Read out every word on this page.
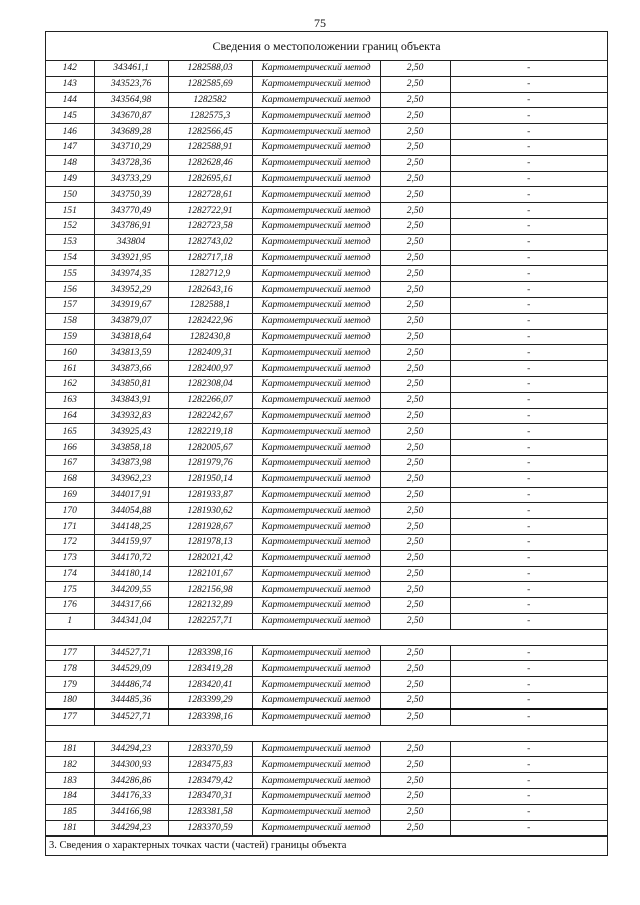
75
Сведения о местоположении границ объекта
142	343461,1	1282588,03	Картометрический метод	2,50	-
143	343523,76	1282585,69	Картометрический метод	2,50	-
144	343564,98	1282582	Картометрический метод	2,50	-
145	343670,87	1282575,3	Картометрический метод	2,50	-
146	343689,28	1282566,45	Картометрический метод	2,50	-
147	343710,29	1282588,91	Картометрический метод	2,50	-
148	343728,36	1282628,46	Картометрический метод	2,50	-
149	343733,29	1282695,61	Картометрический метод	2,50	-
150	343750,39	1282728,61	Картометрический метод	2,50	-
151	343770,49	1282722,91	Картометрический метод	2,50	-
152	343786,91	1282723,58	Картометрический метод	2,50	-
153	343804	1282743,02	Картометрический метод	2,50	-
154	343921,95	1282717,18	Картометрический метод	2,50	-
155	343974,35	1282712,9	Картометрический метод	2,50	-
156	343952,29	1282643,16	Картометрический метод	2,50	-
157	343919,67	1282588,1	Картометрический метод	2,50	-
158	343879,07	1282422,96	Картометрический метод	2,50	-
159	343818,64	1282430,8	Картометрический метод	2,50	-
160	343813,59	1282409,31	Картометрический метод	2,50	-
161	343873,66	1282400,97	Картометрический метод	2,50	-
162	343850,81	1282308,04	Картометрический метод	2,50	-
163	343843,91	1282266,07	Картометрический метод	2,50	-
164	343932,83	1282242,67	Картометрический метод	2,50	-
165	343925,43	1282219,18	Картометрический метод	2,50	-
166	343858,18	1282005,67	Картометрический метод	2,50	-
167	343873,98	1281979,76	Картометрический метод	2,50	-
168	343962,23	1281950,14	Картометрический метод	2,50	-
169	344017,91	1281933,87	Картометрический метод	2,50	-
170	344054,88	1281930,62	Картометрический метод	2,50	-
171	344148,25	1281928,67	Картометрический метод	2,50	-
172	344159,97	1281978,13	Картометрический метод	2,50	-
173	344170,72	1282021,42	Картометрический метод	2,50	-
174	344180,14	1282101,67	Картометрический метод	2,50	-
175	344209,55	1282156,98	Картометрический метод	2,50	-
176	344317,66	1282132,89	Картометрический метод	2,50	-
1	344341,04	1282257,71	Картометрический метод	2,50	-

177	344527,71	1283398,16	Картометрический метод	2,50	-
178	344529,09	1283419,28	Картометрический метод	2,50	-
179	344486,74	1283420,41	Картометрический метод	2,50	-
180	344485,36	1283399,29	Картометрический метод	2,50	-
177	344527,71	1283398,16	Картометрический метод	2,50	-

181	344294,23	1283370,59	Картометрический метод	2,50	-
182	344300,93	1283475,83	Картометрический метод	2,50	-
183	344286,86	1283479,42	Картометрический метод	2,50	-
184	344176,33	1283470,31	Картометрический метод	2,50	-
185	344166,98	1283381,58	Картометрический метод	2,50	-
181	344294,23	1283370,59	Картометрический метод	2,50	-
3. Сведения о характерных точках части (частей) границы объекта
